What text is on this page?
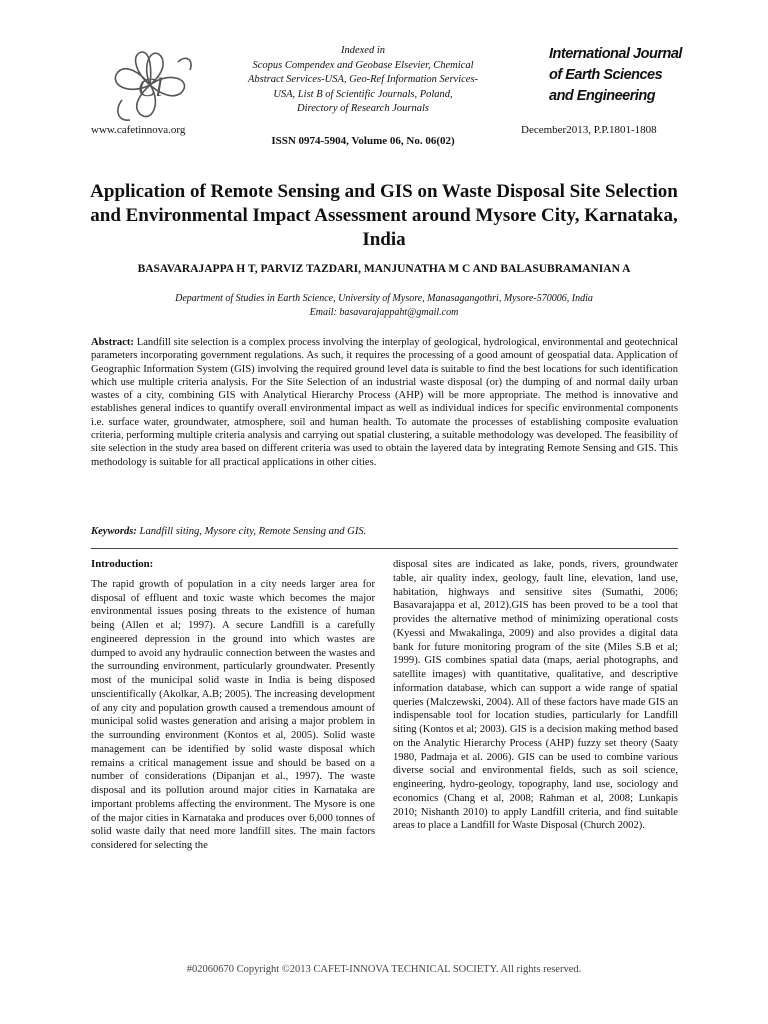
Cl
www.cafetinnova.org
Indexed in
Scopus Compendex and Geobase Elsevier, Chemical
Abstract Services-USA, Geo-Ref Information Services-
USA, List B of Scientific Journals, Poland,
Directory of Research Journals
ISSN 0974-5904, Volume 06, No. 06(02)
International Journal
of Earth Sciences
and Engineering
December2013, P.P.1801-1808
Application of Remote Sensing and GIS on Waste Disposal Site Selection and Environmental Impact Assessment around Mysore City, Karnataka, India
BASAVARAJAPPA H T, PARVIZ TAZDARI, MANJUNATHA M C AND BALASUBRAMANIAN A
Department of Studies in Earth Science, University of Mysore, Manasagangothri, Mysore-570006, India
Email: basavarajappaht@gmail.com
Abstract: Landfill site selection is a complex process involving the interplay of geological, hydrological, environmental and geotechnical parameters incorporating government regulations. As such, it requires the processing of a good amount of geospatial data. Application of Geographic Information System (GIS) involving the required ground level data is suitable to find the best locations for such identification which use multiple criteria analysis. For the Site Selection of an industrial waste disposal (or) the dumping of and normal daily urban wastes of a city, combining GIS with Analytical Hierarchy Process (AHP) will be more appropriate. The method is innovative and establishes general indices to quantify overall environmental impact as well as individual indices for specific environmental components i.e. surface water, groundwater, atmosphere, soil and human health. To automate the processes of establishing composite evaluation criteria, performing multiple criteria analysis and carrying out spatial clustering, a suitable methodology was developed. The feasibility of site selection in the study area based on different criteria was used to obtain the layered data by integrating Remote Sensing and GIS. This methodology is suitable for all practical applications in other cities.
Keywords: Landfill siting, Mysore city, Remote Sensing and GIS.
Introduction:
The rapid growth of population in a city needs larger area for disposal of effluent and toxic waste which becomes the major environmental issues posing threats to the existence of human being (Allen et al; 1997). A secure Landfill is a carefully engineered depression in the ground into which wastes are dumped to avoid any hydraulic connection between the wastes and the surrounding environment, particularly groundwater. Presently most of the municipal solid waste in India is being disposed unscientifically (Akolkar, A.B; 2005). The increasing development of any city and population growth caused a tremendous amount of municipal solid wastes generation and arising a major problem in the surrounding environment (Kontos et al, 2005). Solid waste management can be identified by solid waste disposal which remains a critical management issue and should be based on a number of considerations (Dipanjan et al., 1997). The waste disposal and its pollution around major cities in Karnataka are important problems affecting the environment. The Mysore is one of the major cities in Karnataka and produces over 6,000 tonnes of solid waste daily that need more landfill sites. The main factors considered for selecting the
disposal sites are indicated as lake, ponds, rivers, groundwater table, air quality index, geology, fault line, elevation, land use, habitation, highways and sensitive sites (Sumathi, 2006; Basavarajappa et al, 2012).GIS has been proved to be a tool that provides the alternative method of minimizing operational costs (Kyessi and Mwakalinga, 2009) and also provides a digital data bank for future monitoring program of the site (Miles S.B et al; 1999). GIS combines spatial data (maps, aerial photographs, and satellite images) with quantitative, qualitative, and descriptive information database, which can support a wide range of spatial queries (Malczewski, 2004). All of these factors have made GIS an indispensable tool for location studies, particularly for Landfill siting (Kontos et al; 2003). GIS is a decision making method based on the Analytic Hierarchy Process (AHP) fuzzy set theory (Saaty 1980, Padmaja et al. 2006). GIS can be used to combine various diverse social and environmental fields, such as soil science, engineering, hydro-geology, topography, land use, sociology and economics (Chang et al, 2008; Rahman et al, 2008; Lunkapis 2010; Nishanth 2010) to apply Landfill criteria, and find suitable areas to place a Landfill for Waste Disposal (Church 2002).
#02060670 Copyright ©2013 CAFET-INNOVA TECHNICAL SOCIETY. All rights reserved.
